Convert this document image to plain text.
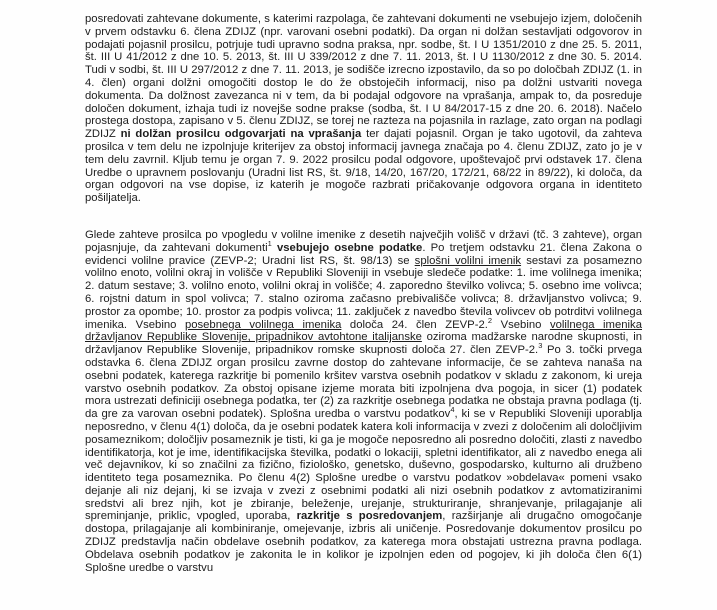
posredovati zahtevane dokumente, s katerimi razpolaga, če zahtevani dokumenti ne vsebujejo izjem, določenih v prvem odstavku 6. člena ZDIJZ (npr. varovani osebni podatki). Da organ ni dolžan sestavljati odgovorov in podajati pojasnil prosilcu, potrjuje tudi upravno sodna praksa, npr. sodbe, št. I U 1351/2010 z dne 25. 5. 2011, št. III U 41/2012 z dne 10. 5. 2013, št. III U 339/2012 z dne 7. 11. 2013, št. I U 1130/2012 z dne 30. 5. 2014. Tudi v sodbi, št. III U 297/2012 z dne 7. 11. 2013, je sodišče izrecno izpostavilo, da so po določbah ZDIJZ (1. in 4. člen) organi dolžni omogočiti dostop le do že obstoječih informacij, niso pa dolžni ustvariti novega dokumenta. Da dolžnost zavezanca ni v tem, da bi podajal odgovore na vprašanja, ampak to, da posreduje določen dokument, izhaja tudi iz novejše sodne prakse (sodba, št. I U 84/2017-15 z dne 20. 6. 2018). Načelo prostega dostopa, zapisano v 5. členu ZDIJZ, se torej ne razteza na pojasnila in razlage, zato organ na podlagi ZDIJZ ni dolžan prosilcu odgovarjati na vprašanja ter dajati pojasnil. Organ je tako ugotovil, da zahteva prosilca v tem delu ne izpolnjuje kriterijev za obstoj informacij javnega značaja po 4. členu ZDIJZ, zato jo je v tem delu zavrnil. Kljub temu je organ 7. 9. 2022 prosilcu podal odgovore, upoštevajoč prvi odstavek 17. člena Uredbe o upravnem poslovanju (Uradni list RS, št. 9/18, 14/20, 167/20, 172/21, 68/22 in 89/22), ki določa, da organ odgovori na vse dopise, iz katerih je mogoče razbrati pričakovanje odgovora organa in identiteto pošiljatelja.

Glede zahteve prosilca po vpogledu v volilne imenike z desetih največjih volišč v državi (tč. 3 zahteve), organ pojasnjuje, da zahtevani dokumenti$^1$ vsebujejo osebne podatke. Po tretjem odstavku 21. člena Zakona o evidenci volilne pravice (ZEVP-2; Uradni list RS, št. 98/13) se splošni volilni imenik sestavi za posamezno volilno enoto, volilni okraj in volišče v Republiki Sloveniji in vsebuje sledeče podatke: 1. ime volilnega imenika; 2. datum sestave; 3. volilno enoto, volilni okraj in volišče; 4. zaporedno številko volivca; 5. osebno ime volivca; 6. rojstni datum in spol volivca; 7. stalno oziroma začasno prebivališče volivca; 8. državljanstvo volivca; 9. prostor za opombe; 10. prostor za podpis volivca; 11. zaključek z navedbo števila volivcev ob potrditvi volilnega imenika. Vsebino posebnega volilnega imenika določa 24. člen ZEVP-2.$^2$ Vsebino volilnega imenika državljanov Republike Slovenije, pripadnikov avtohtone italijanske oziroma madžarske narodne skupnosti, in državljanov Republike Slovenije, pripadnikov romske skupnosti določa 27. člen ZEVP-2.$^3$ Po 3. točki prvega odstavka 6. člena ZDIJZ organ prosilcu zavrne dostop do zahtevane informacije, če se zahteva nanaša na osebni podatek, katerega razkritje bi pomenilo kršitev varstva osebnih podatkov v skladu z zakonom, ki ureja varstvo osebnih podatkov. Za obstoj opisane izjeme morata biti izpolnjena dva pogoja, in sicer (1) podatek mora ustrezati definiciji osebnega podatka, ter (2) za razkritje osebnega podatka ne obstaja pravna podlaga (tj. da gre za varovan osebni podatek). Splošna uredba o varstvu podatkov$^4$, ki se v Republiki Sloveniji uporablja neposredno, v členu 4(1) določa, da je osebni podatek katera koli informacija v zvezi z določenim ali določljivim posameznikom; določljiv posameznik je tisti, ki ga je mogoče neposredno ali posredno določiti, zlasti z navedbo identifikatorja, kot je ime, identifikacijska številka, podatki o lokaciji, spletni identifikator, ali z navedbo enega ali več dejavnikov, ki so značilni za fizično, fiziološko, genetsko, duševno, gospodarsko, kulturno ali družbeno identiteto tega posameznika. Po členu 4(2) Splošne uredbe o varstvu podatkov »obdelava« pomeni vsako dejanje ali niz dejanj, ki se izvaja v zvezi z osebnimi podatki ali nizi osebnih podatkov z avtomatiziranimi sredstvi ali brez njih, kot je zbiranje, beleženje, urejanje, strukturiranje, shranjevanje, prilagajanje ali spreminjanje, priklic, vpogled, uporaba, razkritje s posredovanjem, razširjanje ali drugačno omogočanje dostopa, prilagajanje ali kombiniranje, omejevanje, izbris ali uničenje. Posredovanje dokumentov prosilcu po ZDIJZ predstavlja način obdelave osebnih podatkov, za katerega mora obstajati ustrezna pravna podlaga. Obdelava osebnih podatkov je zakonita le in kolikor je izpolnjen eden od pogojev, ki jih določa člen 6(1) Splošne uredbe o varstvu
